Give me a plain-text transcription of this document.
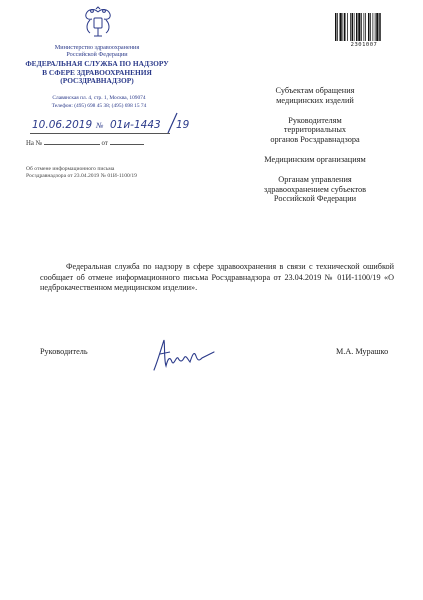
Министерство здравоохранения
Российской Федерации
ФЕДЕРАЛЬНАЯ СЛУЖБА ПО НАДЗОРУ
В СФЕРЕ ЗДРАВООХРАНЕНИЯ
(РОСЗДРАВНАДЗОР)
Славянская пл. 4, стр. 1, Москва, 109074
Телефон: (495) 698 45 38; (495) 698 15 74
10.06.2019 № 01и-1443 19
На №	от
Об отмене информационного письма
Росздравнадзора от 23.04.2019 № 01И-1100/19
2301007
Субъектам обращения
медицинских изделий
Руководителям
территориальных
органов Росздравнадзора
Медицинским организациям
Органам управления
здравоохранением субъектов
Российской Федерации
Федеральная служба по надзору в сфере здравоохранения в связи с технической ошибкой сообщает об отмене информационного письма Росздравнадзора от 23.04.2019 № 01И-1100/19 «О недброкачественном медицинском изделии».
Руководитель	М.А. Мурашко
